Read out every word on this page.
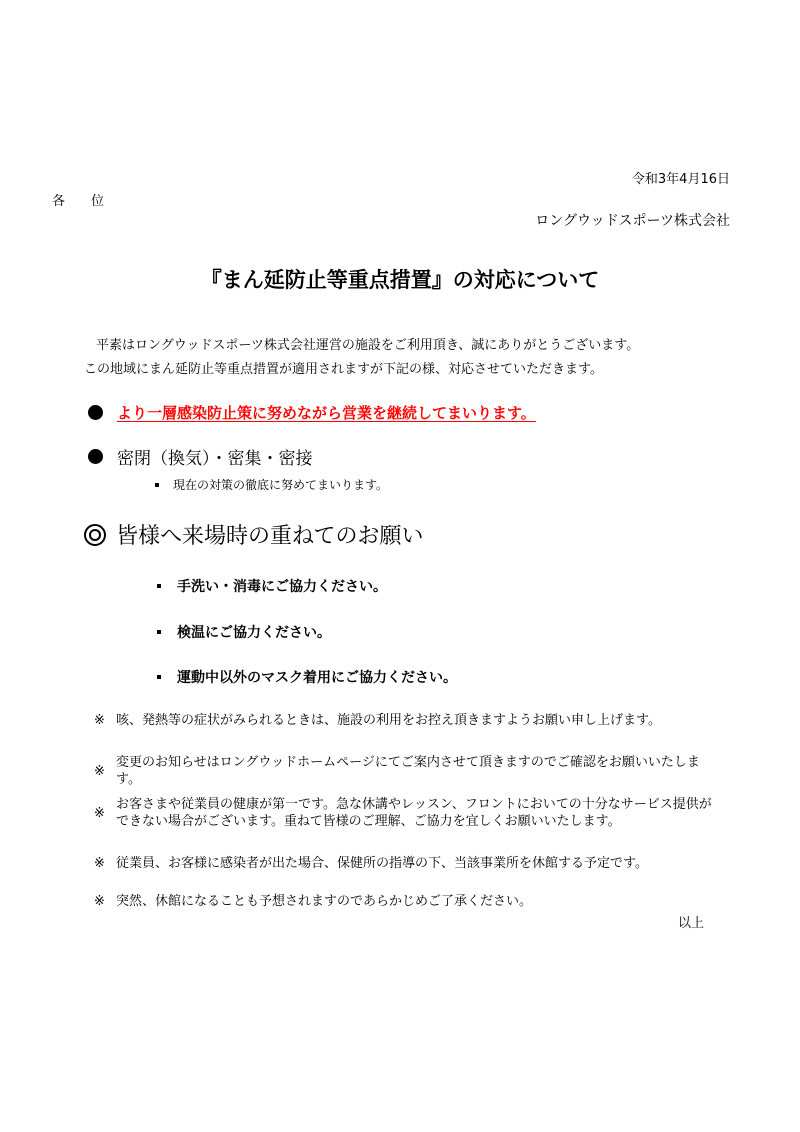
令和3年4月16日
各位
ロングウッドスポーツ株式会社
『まん延防止等重点措置』の対応について
平素はロングウッドスポーツ株式会社運営の施設をご利用頂き、誠にありがとうございます。
この地域にまん延防止等重点措置が適用されますが下記の様、対応させていただきます。
より一層感染防止策に努めながら営業を継続してまいります。
密閉（換気）・密集・密接
現在の対策の徹底に努めてまいります。
皆様へ来場時の重ねてのお願い
手洗い・消毒にご協力ください。
検温にご協力ください。
運動中以外のマスク着用にご協力ください。
※ 咳、発熱等の症状がみられるときは、施設の利用をお控え頂きますようお願い申し上げます。
※
変更のお知らせはロングウッドホームページにてご案内させて頂きますのでご確認をお願いいたします。
※
お客さまや従業員の健康が第一です。急な休講やレッスン、フロントにおいての十分なサービス提供ができない場合がございます。重ねて皆様のご理解、ご協力を宜しくお願いいたします。
※ 従業員、お客様に感染者が出た場合、保健所の指導の下、当該事業所を休館する予定です。
※ 突然、休館になることも予想されますのであらかじめご了承ください。
以上
